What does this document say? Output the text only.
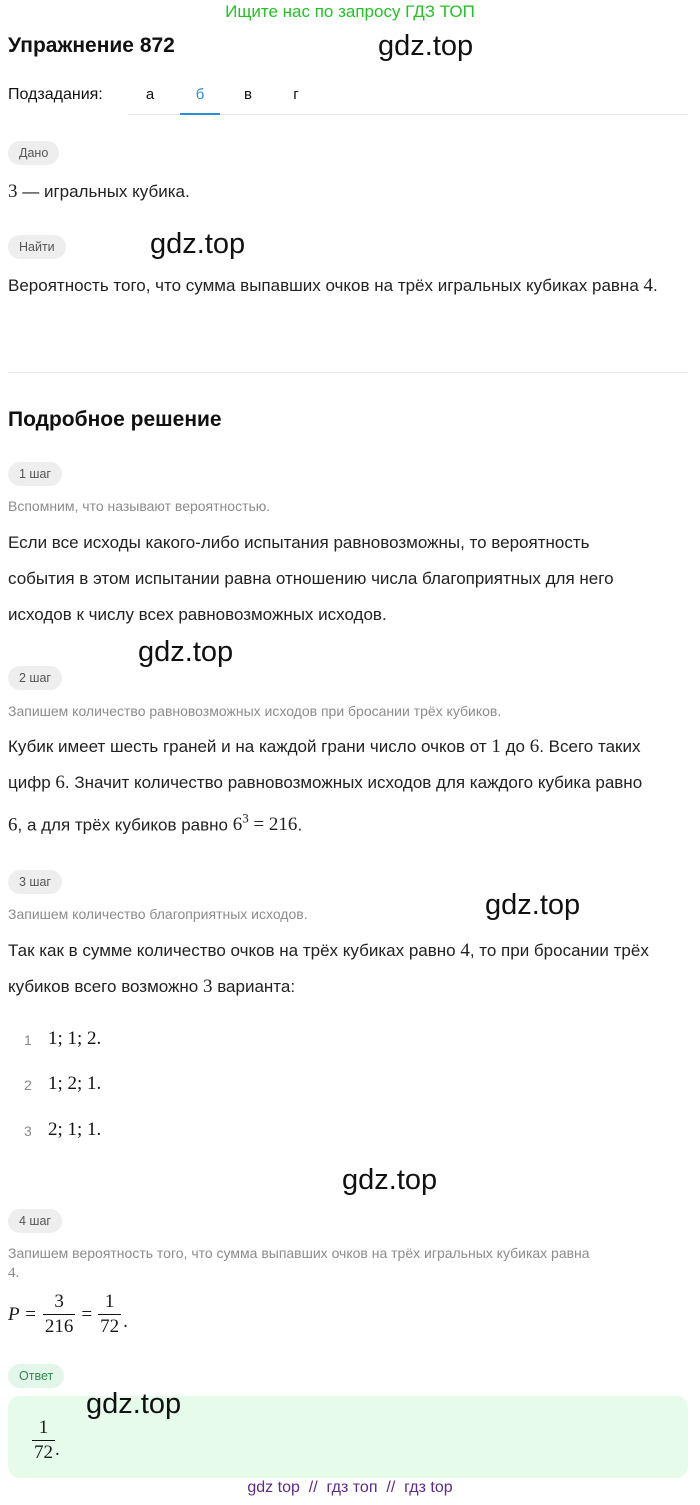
Ищите нас по запросу ГДЗ ТОП
Упражнение 872	gdz.top
Подзадания:	а	б	в	г
Дано
3 — игральных кубика.
Найти	gdz.top
Вероятность того, что сумма выпавших очков на трёх игральных кубиках равна 4.
Подробное решение
1 шаг
Вспомним, что называют вероятностью.
Если все исходы какого-либо испытания равновозможны, то вероятность события в этом испытании равна отношению числа благоприятных для него исходов к числу всех равновозможных исходов.
gdz.top
2 шаг
Запишем количество равновозможных исходов при бросании трёх кубиков.
Кубик имеет шесть граней и на каждой грани число очков от 1 до 6. Всего таких цифр 6. Значит количество равновозможных исходов для каждого кубика равно 6, а для трёх кубиков равно $6^3 = 216$.
3 шаг
Запишем количество благоприятных исходов.	gdz.top
Так как в сумме количество очков на трёх кубиках равно 4, то при бросании трёх кубиков всего возможно 3 варианта:
1 1; 1; 2.
2 1; 2; 1.
3 2; 1; 1.
gdz.top
4 шаг
Запишем вероятность того, что сумма выпавших очков на трёх игральных кубиках равна
4.
$P = \frac{3}{216} = \frac{1}{72}$ .
Ответ
gdz.top
$\frac{1}{72}$ .
gdz top  //  гдз топ  //  гдз top
